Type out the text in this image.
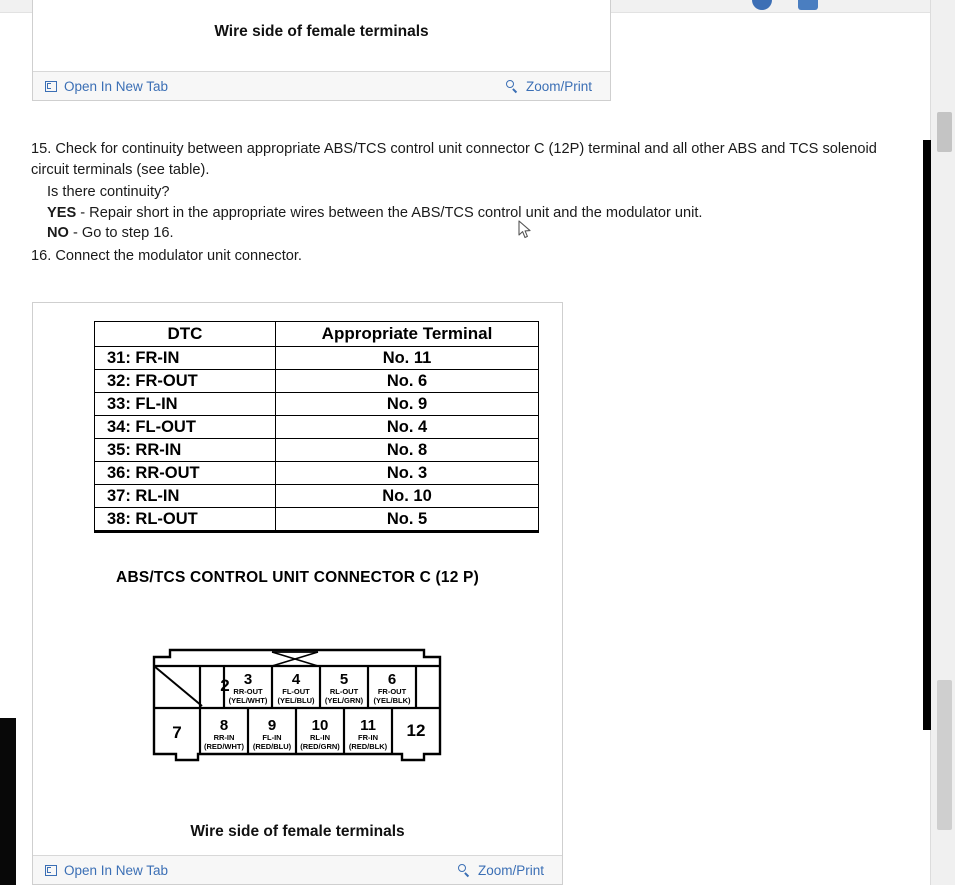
Wire side of female terminals
Open In New Tab	Zoom/Print
15. Check for continuity between appropriate ABS/TCS control unit connector C (12P) terminal and all other ABS and TCS solenoid circuit terminals (see table).
Is there continuity?
YES - Repair short in the appropriate wires between the ABS/TCS control unit and the modulator unit.
NO - Go to step 16.
16. Connect the modulator unit connector.
DTC	Appropriate Terminal
31: FR-IN	No. 11
32: FR-OUT	No. 6
33: FL-IN	No. 9
34: FL-OUT	No. 4
35: RR-IN	No. 8
36: RR-OUT	No. 3
37: RL-IN	No. 10
38: RL-OUT	No. 5
ABS/TCS CONTROL UNIT CONNECTOR C (12 P)
2 3
RR-OUT
(YEL/WHT)
4
FL-OUT
(YEL/BLU)
5
RL-OUT
(YEL/GRN)
6
FR-OUT
(YEL/BLK)
7	8
RR-IN
(RED/WHT)
9
FL-IN
(RED/BLU)
10
RL-IN
(RED/GRN)
11
FR-IN
(RED/BLK)
12
Wire side of female terminals
Open In New Tab	Zoom/Print
